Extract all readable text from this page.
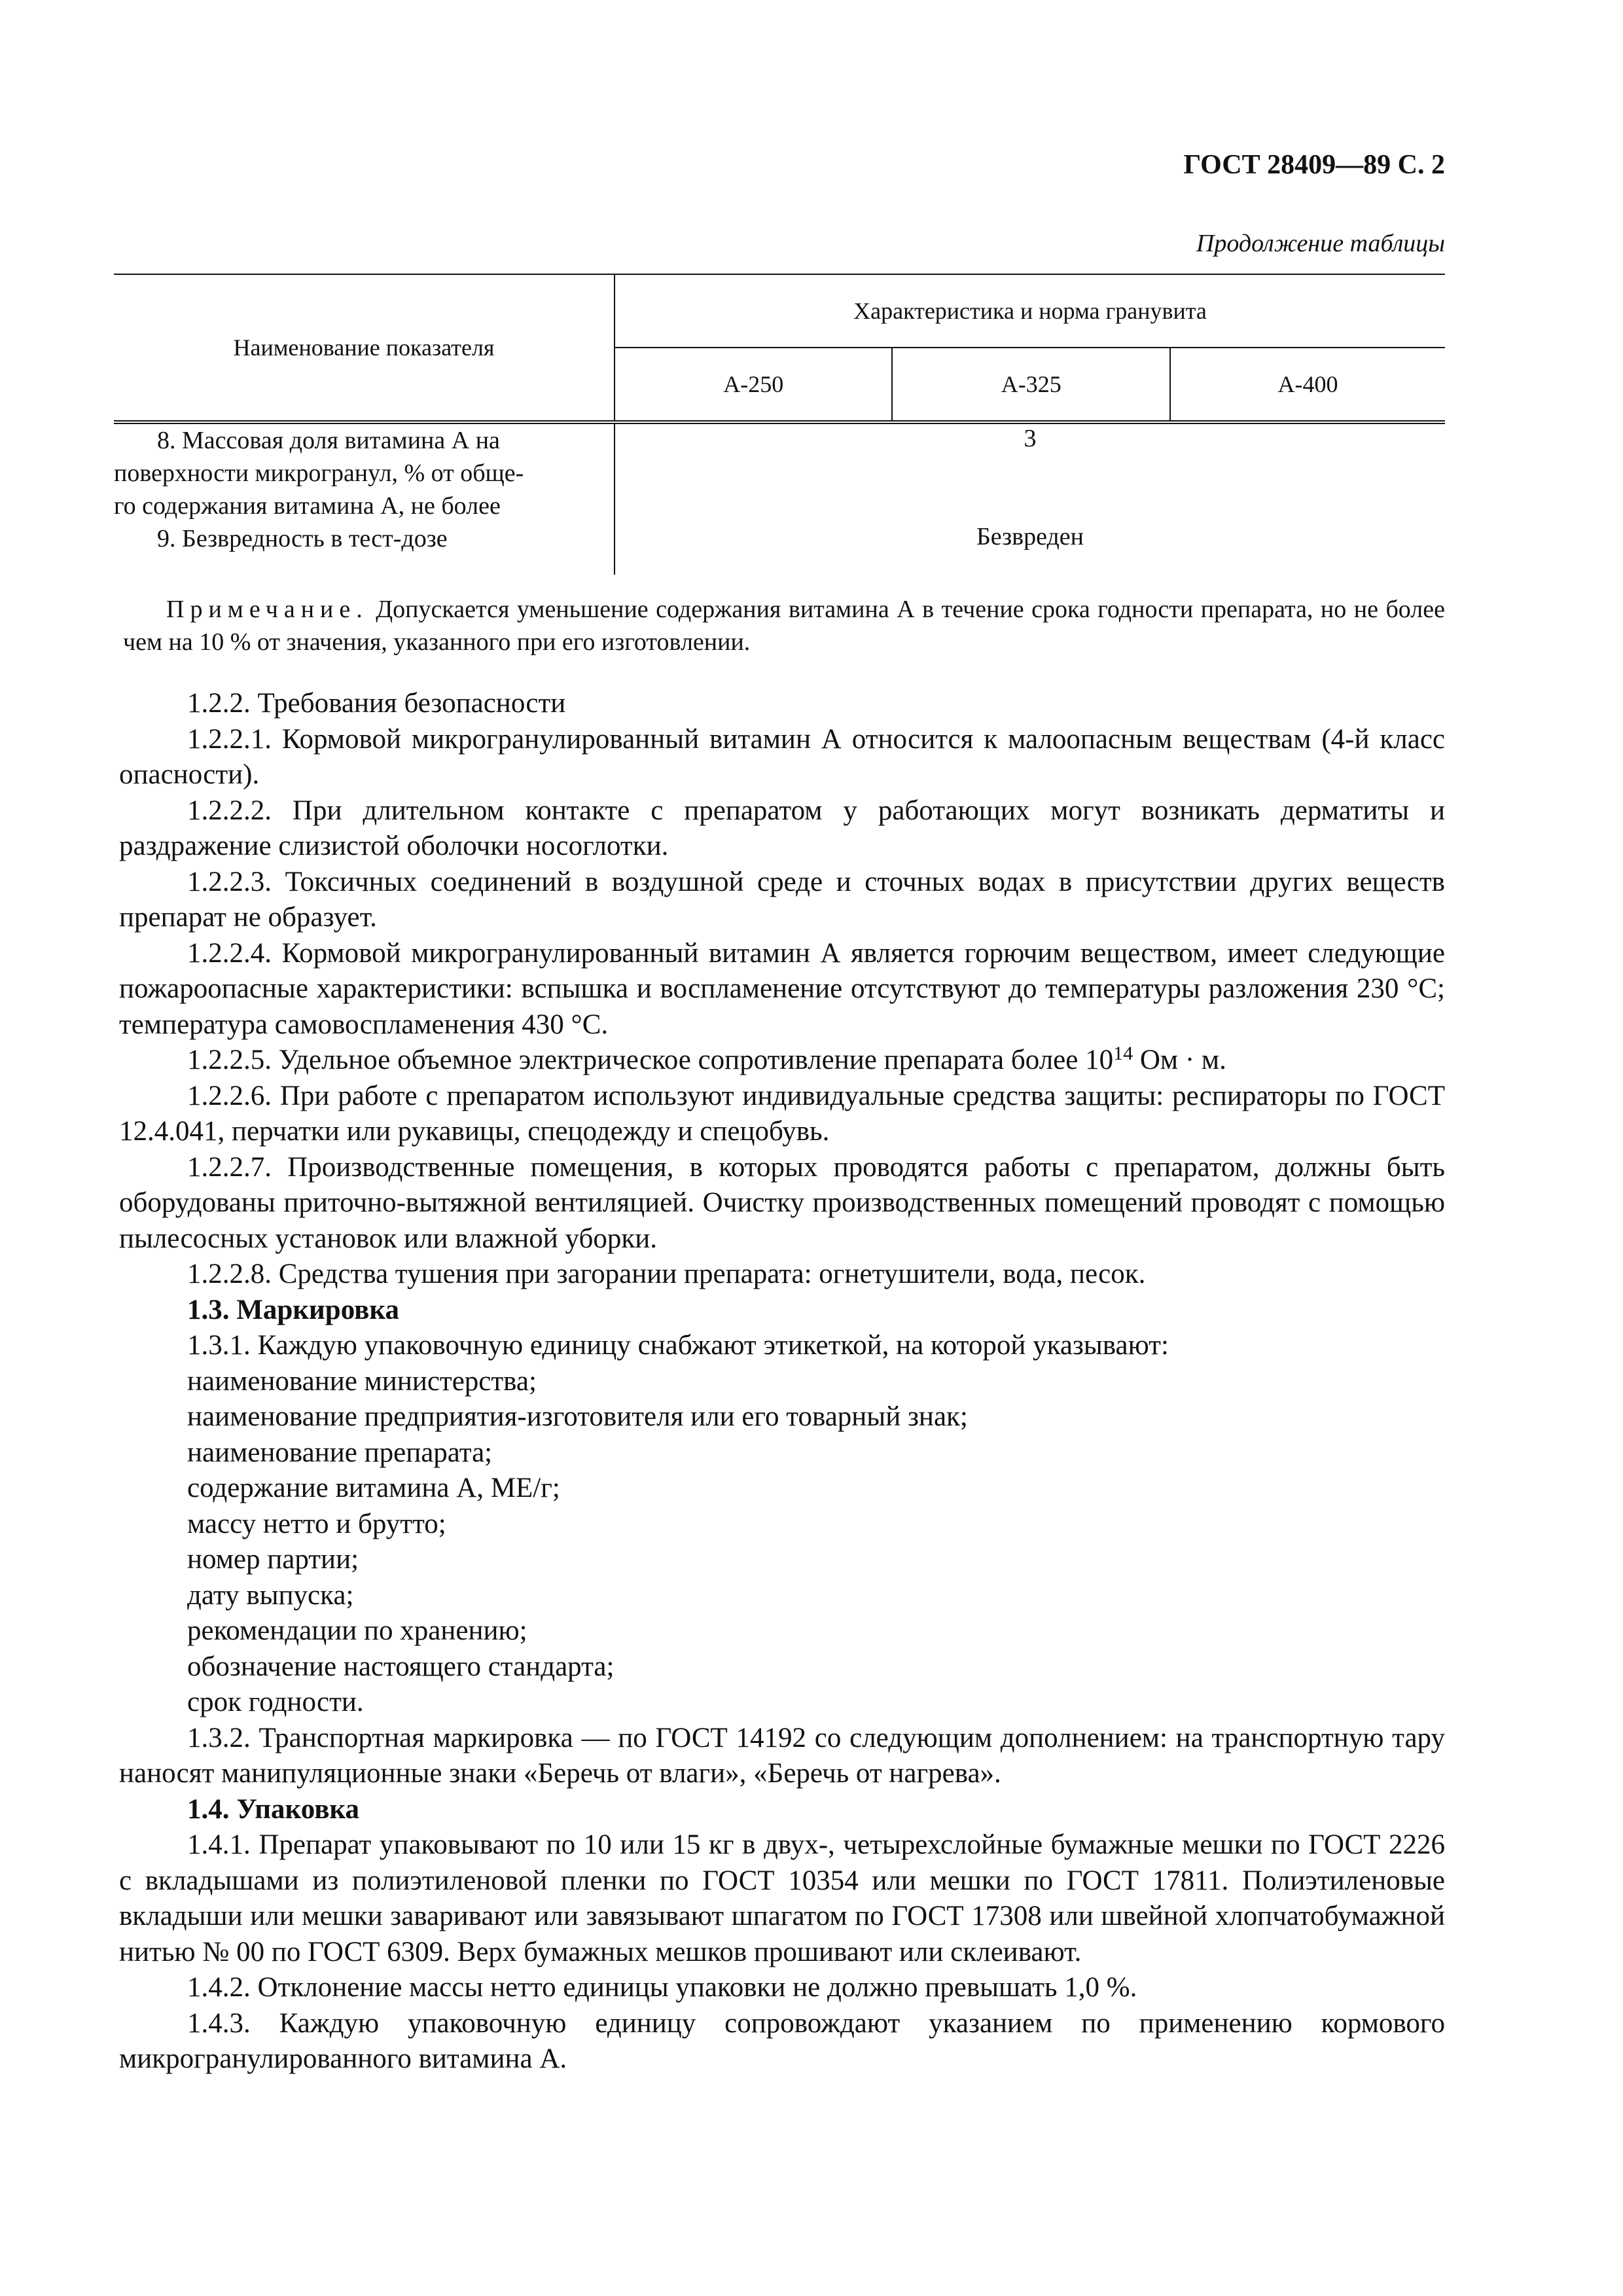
ГОСТ 28409—89 С. 2
Продолжение таблицы
Наименование показателя	Характеристика и норма гранувита		
	А-250	А-325	А-400

8. Массовая доля витамина А на
поверхности микрогранул, % от обще-
го содержания витамина А, не более	3		

9. Безвредность в тест-дозе	Безвреден		
Примечание. Допускается уменьшение содержания витамина А в течение срока годности препарата, но не более чем на 10 % от значения, указанного при его изготовлении.

1.2.2. Требования безопасности

1.2.2.1. Кормовой микрогранулированный витамин А относится к малоопасным веществам (4-й класс опасности).

1.2.2.2. При длительном контакте с препаратом у работающих могут возникать дерматиты и раздражение слизистой оболочки носоглотки.

1.2.2.3. Токсичных соединений в воздушной среде и сточных водах в присутствии других веществ препарат не образует.

1.2.2.4. Кормовой микрогранулированный витамин А является горючим веществом, имеет следующие пожароопасные характеристики: вспышка и воспламенение отсутствуют до температуры разложения 230 °С; температура самовоспламенения 430 °С.

1.2.2.5. Удельное объемное электрическое сопротивление препарата более $10^{14}$ Ом · м.

1.2.2.6. При работе с препаратом используют индивидуальные средства защиты: респираторы по ГОСТ 12.4.041, перчатки или рукавицы, спецодежду и спецобувь.

1.2.2.7. Производственные помещения, в которых проводятся работы с препаратом, должны быть оборудованы приточно-вытяжной вентиляцией. Очистку производственных помещений проводят с помощью пылесосных установок или влажной уборки.

1.2.2.8. Средства тушения при загорании препарата: огнетушители, вода, песок.

1.3. Маркировка

1.3.1. Каждую упаковочную единицу снабжают этикеткой, на которой указывают:

наименование министерства;

наименование предприятия-изготовителя или его товарный знак;

наименование препарата;

содержание витамина А, МЕ/г;

массу нетто и брутто;

номер партии;

дату выпуска;

рекомендации по хранению;

обозначение настоящего стандарта;

срок годности.

1.3.2. Транспортная маркировка — по ГОСТ 14192 со следующим дополнением: на транспортную тару наносят манипуляционные знаки «Беречь от влаги», «Беречь от нагрева».

1.4. Упаковка

1.4.1. Препарат упаковывают по 10 или 15 кг в двух-, четырехслойные бумажные мешки по ГОСТ 2226 с вкладышами из полиэтиленовой пленки по ГОСТ 10354 или мешки по ГОСТ 17811. Полиэтиленовые вкладыши или мешки заваривают или завязывают шпагатом по ГОСТ 17308 или швейной хлопчатобумажной нитью № 00 по ГОСТ 6309. Верх бумажных мешков прошивают или склеивают.

1.4.2. Отклонение массы нетто единицы упаковки не должно превышать 1,0 %.

1.4.3. Каждую упаковочную единицу сопровождают указанием по применению кормового микрогранулированного витамина А.
